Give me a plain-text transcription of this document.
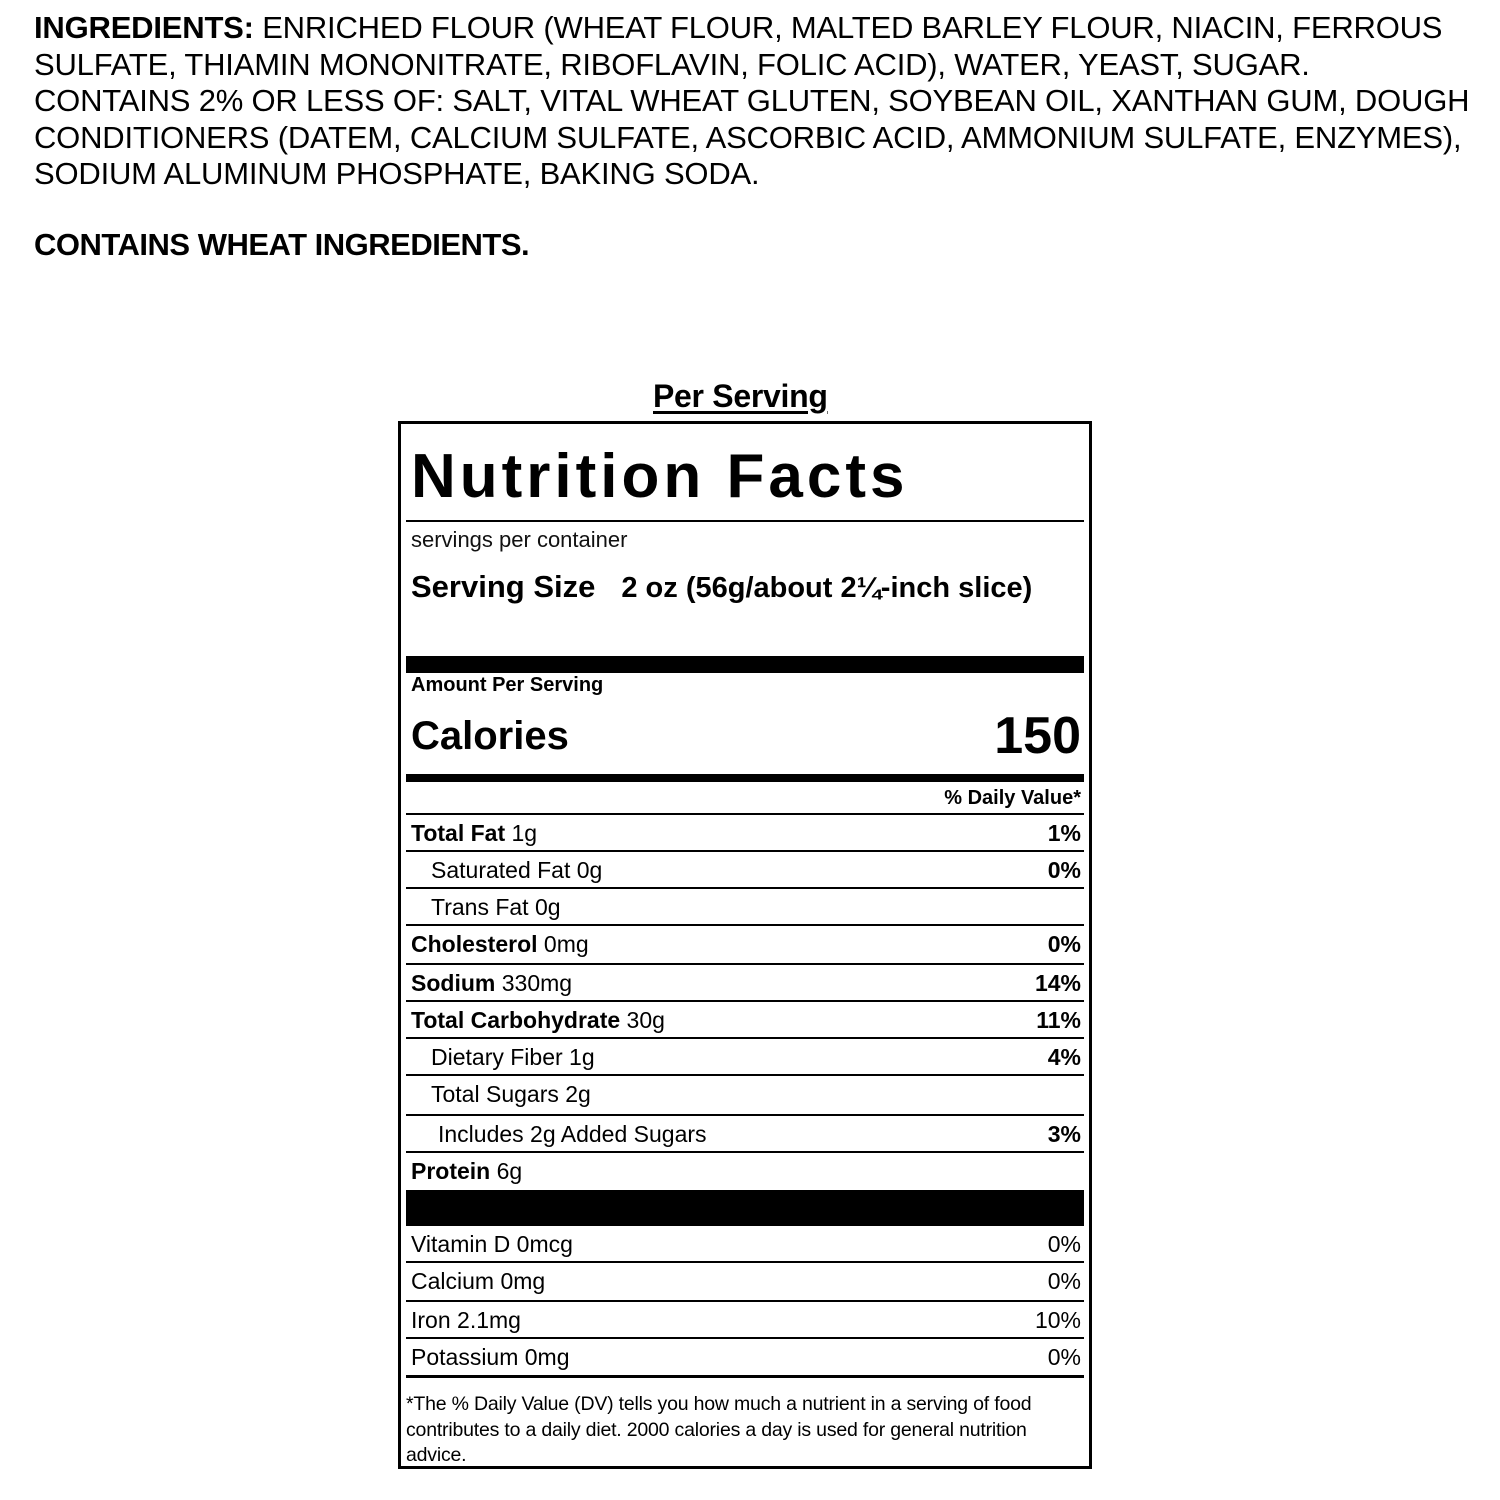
INGREDIENTS: ENRICHED FLOUR (WHEAT FLOUR, MALTED BARLEY FLOUR, NIACIN, FERROUS SULFATE, THIAMIN MONONITRATE, RIBOFLAVIN, FOLIC ACID), WATER, YEAST, SUGAR. CONTAINS 2% OR LESS OF: SALT, VITAL WHEAT GLUTEN, SOYBEAN OIL, XANTHAN GUM, DOUGH CONDITIONERS (DATEM, CALCIUM SULFATE, ASCORBIC ACID, AMMONIUM SULFATE, ENZYMES), SODIUM ALUMINUM PHOSPHATE, BAKING SODA.
CONTAINS WHEAT INGREDIENTS.
Per Serving
Nutrition Facts
servings per container
Serving Size 2 oz (56g/about 2¼-inch slice)
Amount Per Serving
Calories	150
% Daily Value*
Total Fat 1g	1%
Saturated Fat 0g	0%
Trans Fat 0g
Cholesterol 0mg	0%
Sodium 330mg	14%
Total Carbohydrate 30g	11%
Dietary Fiber 1g	4%
Total Sugars 2g
Includes 2g Added Sugars	3%
Protein 6g
Vitamin D 0mcg	0%
Calcium 0mg	0%
Iron 2.1mg	10%
Potassium 0mg	0%
*The % Daily Value (DV) tells you how much a nutrient in a serving of food contributes to a daily diet. 2000 calories a day is used for general nutrition advice.
